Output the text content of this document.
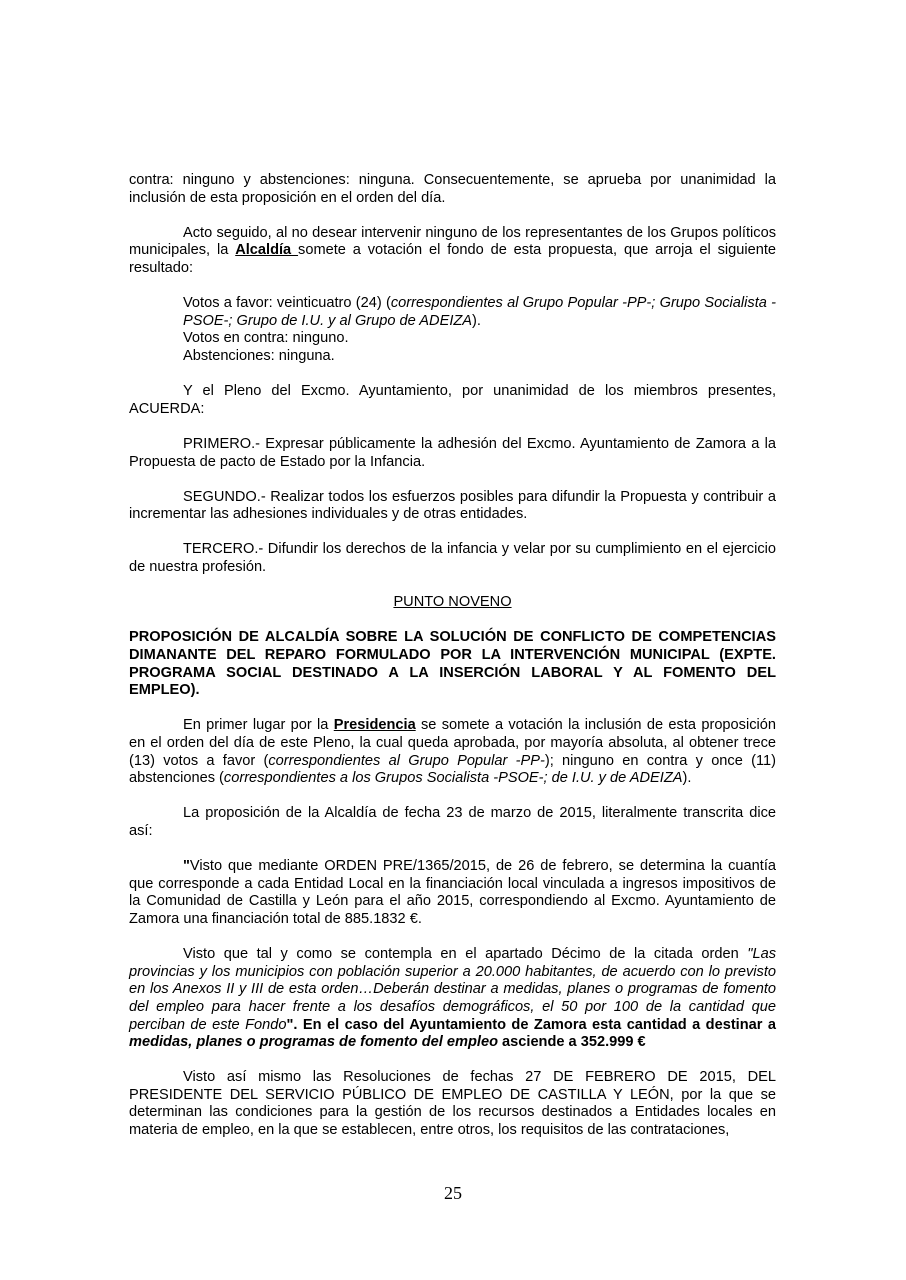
contra: ninguno y abstenciones: ninguna. Consecuentemente, se aprueba por unanimidad la inclusión de esta proposición en el orden del día.

Acto seguido, al no desear intervenir ninguno de los representantes de los Grupos políticos municipales, la Alcaldía somete a votación el fondo de esta propuesta, que arroja el siguiente resultado:

Votos a favor: veinticuatro (24) (correspondientes al Grupo Popular -PP-; Grupo Socialista -PSOE-; Grupo de I.U. y al Grupo de ADEIZA).

Votos en contra: ninguno.

Abstenciones: ninguna.

Y el Pleno del Excmo. Ayuntamiento, por unanimidad de los miembros presentes, ACUERDA:

PRIMERO.- Expresar públicamente la adhesión del Excmo. Ayuntamiento de Zamora a la Propuesta de pacto de Estado por la Infancia.

SEGUNDO.- Realizar todos los esfuerzos posibles para difundir la Propuesta y contribuir a incrementar las adhesiones individuales y de otras entidades.

TERCERO.- Difundir los derechos de la infancia y velar por su cumplimiento en el ejercicio de nuestra profesión.

PUNTO NOVENO

PROPOSICIÓN DE ALCALDÍA SOBRE LA SOLUCIÓN DE CONFLICTO DE COMPETENCIAS DIMANANTE DEL REPARO FORMULADO POR LA INTERVENCIÓN MUNICIPAL (EXPTE. PROGRAMA SOCIAL DESTINADO A LA INSERCIÓN LABORAL Y AL FOMENTO DEL EMPLEO).

En primer lugar por la Presidencia se somete a votación la inclusión de esta proposición en el orden del día de este Pleno, la cual queda aprobada, por mayoría absoluta, al obtener trece (13) votos a favor (correspondientes al Grupo Popular -PP-); ninguno en contra y once (11) abstenciones (correspondientes a los Grupos Socialista -PSOE-; de I.U. y de ADEIZA).

La proposición de la Alcaldía de fecha 23 de marzo de 2015, literalmente transcrita dice así:

"Visto que mediante ORDEN PRE/1365/2015, de 26 de febrero, se determina la cuantía que corresponde a cada Entidad Local en la financiación local vinculada a ingresos impositivos de la Comunidad de Castilla y León para el año 2015, correspondiendo al Excmo. Ayuntamiento de Zamora una financiación total de 885.1832 €.

Visto que tal y como se contempla en el apartado Décimo de la citada orden "Las provincias y los municipios con población superior a 20.000 habitantes, de acuerdo con lo previsto en los Anexos II y III de esta orden…Deberán destinar a medidas, planes o programas de fomento del empleo para hacer frente a los desafíos demográficos, el 50 por 100 de la cantidad que perciban de este Fondo". En el caso del Ayuntamiento de Zamora esta cantidad a destinar a medidas, planes o programas de fomento del empleo asciende a 352.999 €

Visto así mismo las Resoluciones de fechas 27 DE FEBRERO DE 2015, DEL PRESIDENTE DEL SERVICIO PÚBLICO DE EMPLEO DE CASTILLA Y LEÓN, por la que se determinan las condiciones para la gestión de los recursos destinados a Entidades locales en materia de empleo, en la que se establecen, entre otros, los requisitos de las contrataciones,

25
